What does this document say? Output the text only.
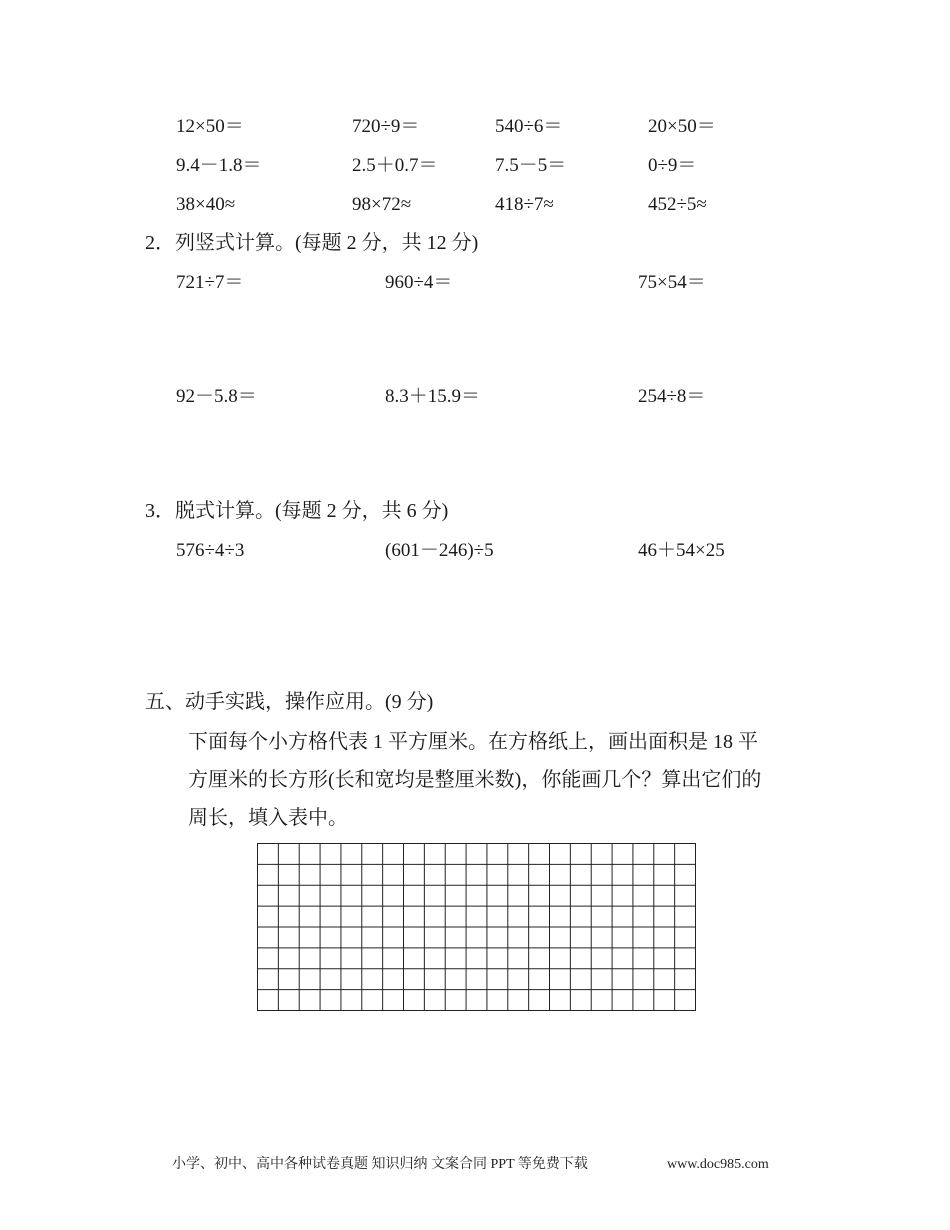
12×50＝	720÷9＝	540÷6＝	20×50＝
9.4－1.8＝	2.5＋0.7＝	7.5－5＝	0÷9＝
38×40≈	98×72≈	418÷7≈	452÷5≈
2．列竖式计算。(每题 2 分，共 12 分)
721÷7＝	960÷4＝	75×54＝
92－5.8＝	8.3＋15.9＝	254÷8＝
3．脱式计算。(每题 2 分，共 6 分)
576÷4÷3	(601－246)÷5	46＋54×25
五、动手实践，操作应用。(9 分)
下面每个小方格代表 1 平方厘米。在方格纸上，画出面积是 18 平
方厘米的长方形(长和宽均是整厘米数)，你能画几个？算出它们的
周长，填入表中。
小学、初中、高中各种试卷真题 知识归纳 文案合同 PPT 等免费下载	www.doc985.com
